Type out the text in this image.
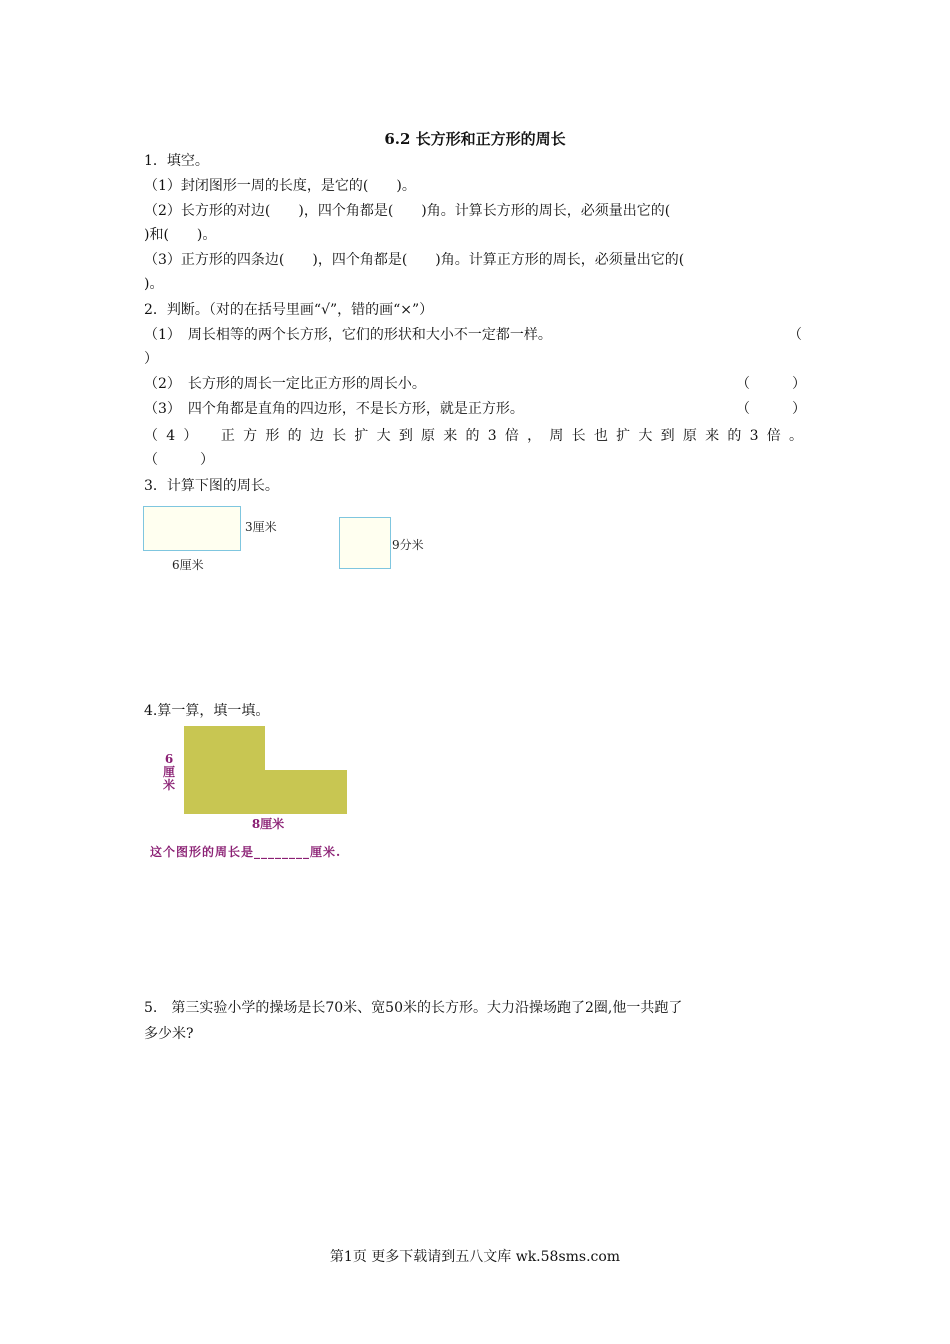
6.2 长方形和正方形的周长
1．填空。
（1）封闭图形一周的长度，是它的(　　)。
（2）长方形的对边(　　)，四个角都是(　　)角。计算长方形的周长，必须量出它的(
)和(　　)。
（3）正方形的四条边(　　)，四个角都是(　　)角。计算正方形的周长，必须量出它的(
)。
2．判断。（对的在括号里画“√”，错的画“×”）
（1）　周长相等的两个长方形，它们的形状和大小不一定都一样。	（
）
（2）　长方形的周长一定比正方形的周长小。	（　　　）
（3）　四个角都是直角的四边形，不是长方形，就是正方形。	（　　　）
（4）　正方形的边长扩大到原来的3倍，周长也扩大到原来的3倍。
（　　　）
3．计算下图的周长。
3厘米
6厘米
9分米
4.算一算，填一填。
6
厘
米
8厘米
这个图形的周长是________厘米.
5.　第三实验小学的操场是长70米、宽50米的长方形。大力沿操场跑了2圈,他一共跑了
多少米?
第1页 更多下载请到五八文库 wk.58sms.com
